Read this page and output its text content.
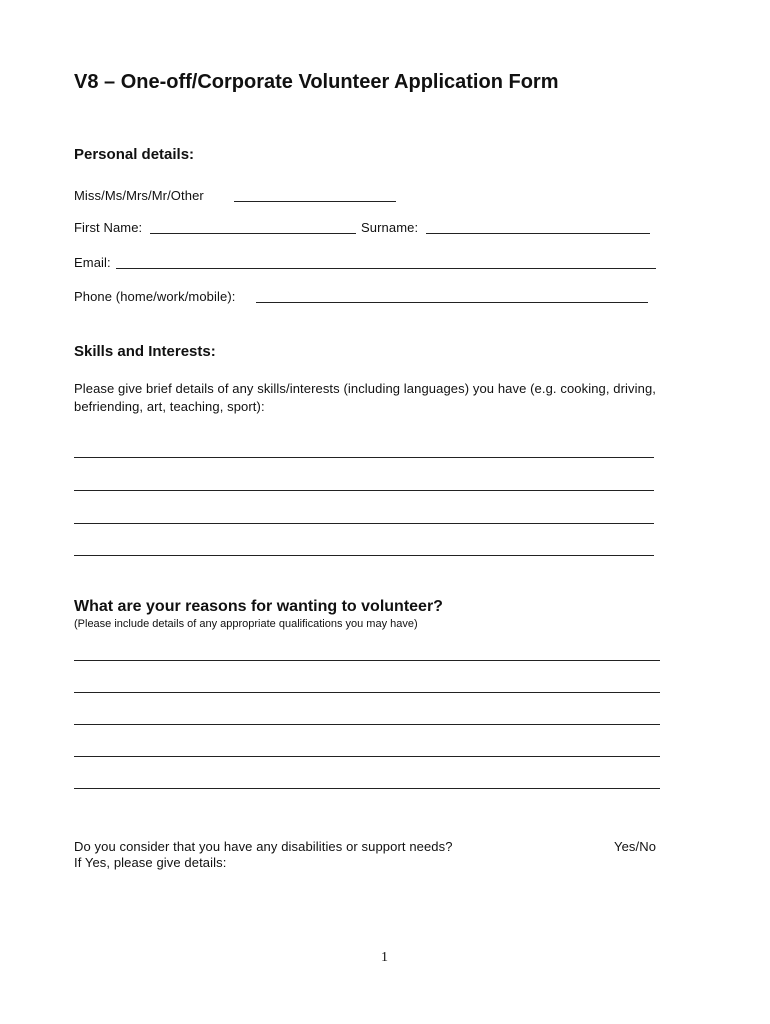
V8 – One-off/Corporate Volunteer Application Form
Personal details:
Miss/Ms/Mrs/Mr/Other
First Name:	Surname:
Email:
Phone (home/work/mobile):
Skills and Interests:
Please give brief details of any skills/interests (including languages) you have (e.g. cooking, driving,
befriending, art, teaching, sport):
What are your reasons for wanting to volunteer?
(Please include details of any appropriate qualifications you may have)
Do you consider that you have any disabilities or support needs?	Yes/No
If Yes, please give details:
1
